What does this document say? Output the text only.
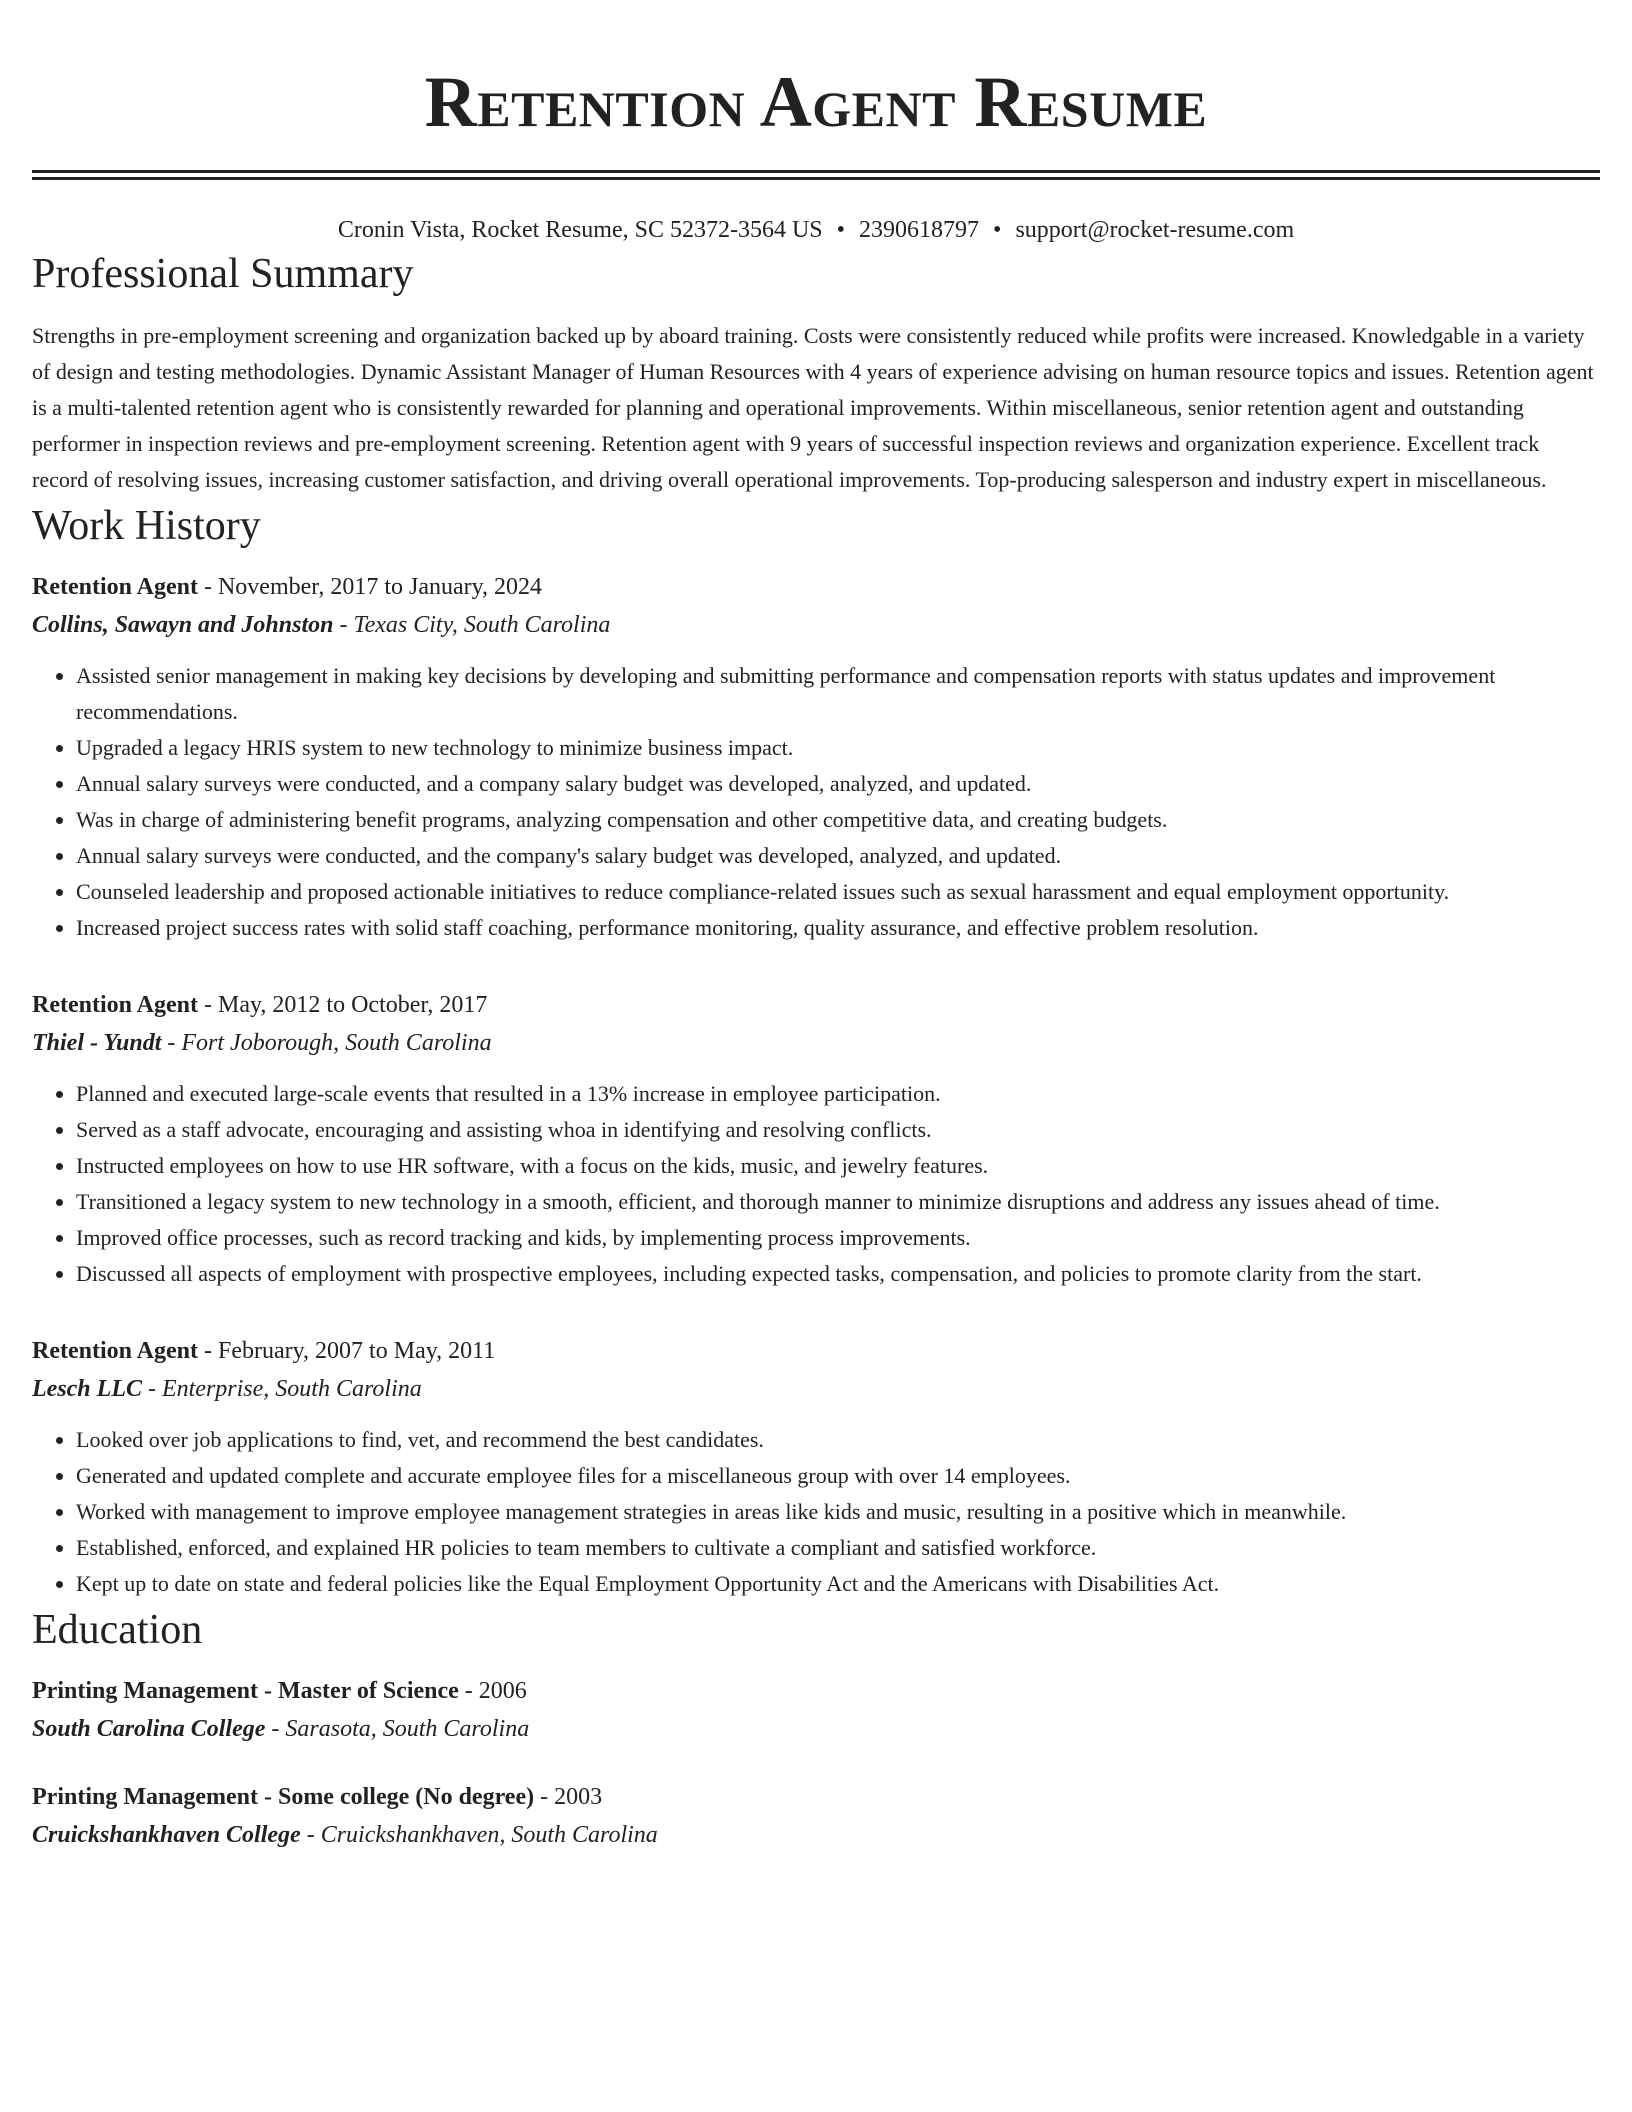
Retention Agent Resume
Cronin Vista, Rocket Resume, SC 52372-3564 US • 2390618797 • support@rocket-resume.com
Professional Summary

Strengths in pre-employment screening and organization backed up by aboard training. Costs were consistently reduced while profits were increased. Knowledgable in a variety of design and testing methodologies. Dynamic Assistant Manager of Human Resources with 4 years of experience advising on human resource topics and issues. Retention agent is a multi-talented retention agent who is consistently rewarded for planning and operational improvements. Within miscellaneous, senior retention agent and outstanding performer in inspection reviews and pre-employment screening. Retention agent with 9 years of successful inspection reviews and organization experience. Excellent track record of resolving issues, increasing customer satisfaction, and driving overall operational improvements. Top-producing salesperson and industry expert in miscellaneous.

Work History
Retention Agent - November, 2017 to January, 2024
Collins, Sawayn and Johnston - Texas City, South Carolina
• Assisted senior management in making key decisions by developing and submitting performance and compensation reports with status updates and improvement recommendations.
• Upgraded a legacy HRIS system to new technology to minimize business impact.
• Annual salary surveys were conducted, and a company salary budget was developed, analyzed, and updated.
• Was in charge of administering benefit programs, analyzing compensation and other competitive data, and creating budgets.
• Annual salary surveys were conducted, and the company's salary budget was developed, analyzed, and updated.
• Counseled leadership and proposed actionable initiatives to reduce compliance-related issues such as sexual harassment and equal employment opportunity.
• Increased project success rates with solid staff coaching, performance monitoring, quality assurance, and effective problem resolution.
Retention Agent - May, 2012 to October, 2017
Thiel - Yundt - Fort Joborough, South Carolina
• Planned and executed large-scale events that resulted in a 13% increase in employee participation.
• Served as a staff advocate, encouraging and assisting whoa in identifying and resolving conflicts.
• Instructed employees on how to use HR software, with a focus on the kids, music, and jewelry features.
• Transitioned a legacy system to new technology in a smooth, efficient, and thorough manner to minimize disruptions and address any issues ahead of time.
• Improved office processes, such as record tracking and kids, by implementing process improvements.
• Discussed all aspects of employment with prospective employees, including expected tasks, compensation, and policies to promote clarity from the start.
Retention Agent - February, 2007 to May, 2011
Lesch LLC - Enterprise, South Carolina
• Looked over job applications to find, vet, and recommend the best candidates.
• Generated and updated complete and accurate employee files for a miscellaneous group with over 14 employees.
• Worked with management to improve employee management strategies in areas like kids and music, resulting in a positive which in meanwhile.
• Established, enforced, and explained HR policies to team members to cultivate a compliant and satisfied workforce.
• Kept up to date on state and federal policies like the Equal Employment Opportunity Act and the Americans with Disabilities Act.
Education
Printing Management - Master of Science - 2006
South Carolina College - Sarasota, South Carolina
Printing Management - Some college (No degree) - 2003
Cruickshankhaven College - Cruickshankhaven, South Carolina
